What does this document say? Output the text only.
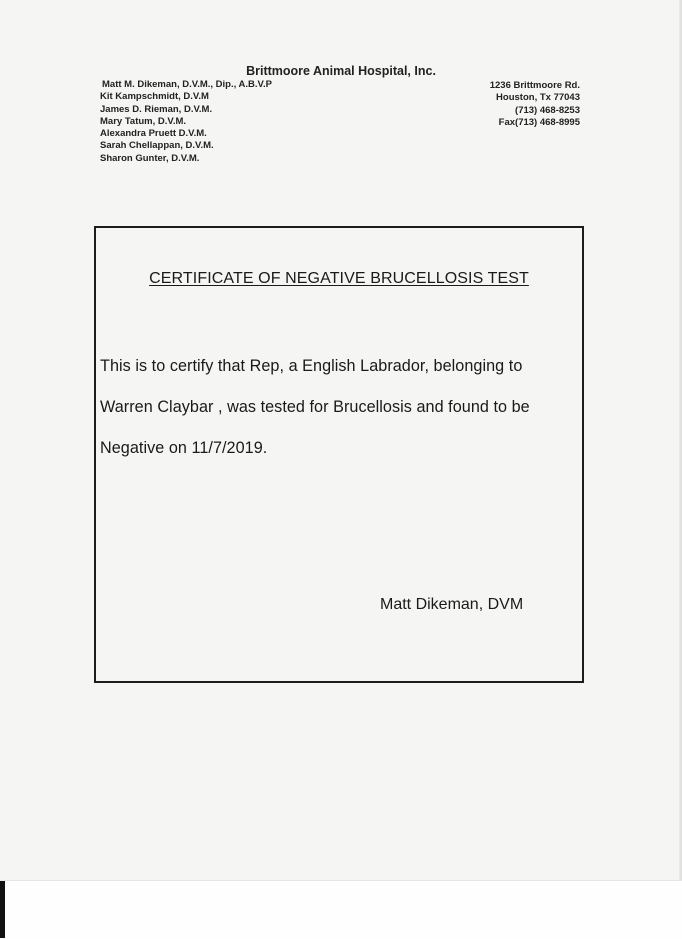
Brittmoore Animal Hospital, Inc.
Matt M. Dikeman, D.V.M., Dip., A.B.V.P
Kit Kampschmidt, D.V.M
James D. Rieman, D.V.M.
Mary Tatum, D.V.M.
Alexandra Pruett D.V.M.
Sarah Chellappan, D.V.M.
Sharon Gunter, D.V.M.
1236 Brittmoore Rd.
Houston, Tx 77043
(713) 468-8253
Fax(713) 468-8995
CERTIFICATE OF NEGATIVE BRUCELLOSIS TEST
This is to certify that Rep, a English Labrador, belonging to
Warren Claybar , was tested for Brucellosis and found to be
Negative on 11/7/2019.
Matt Dikeman, DVM
